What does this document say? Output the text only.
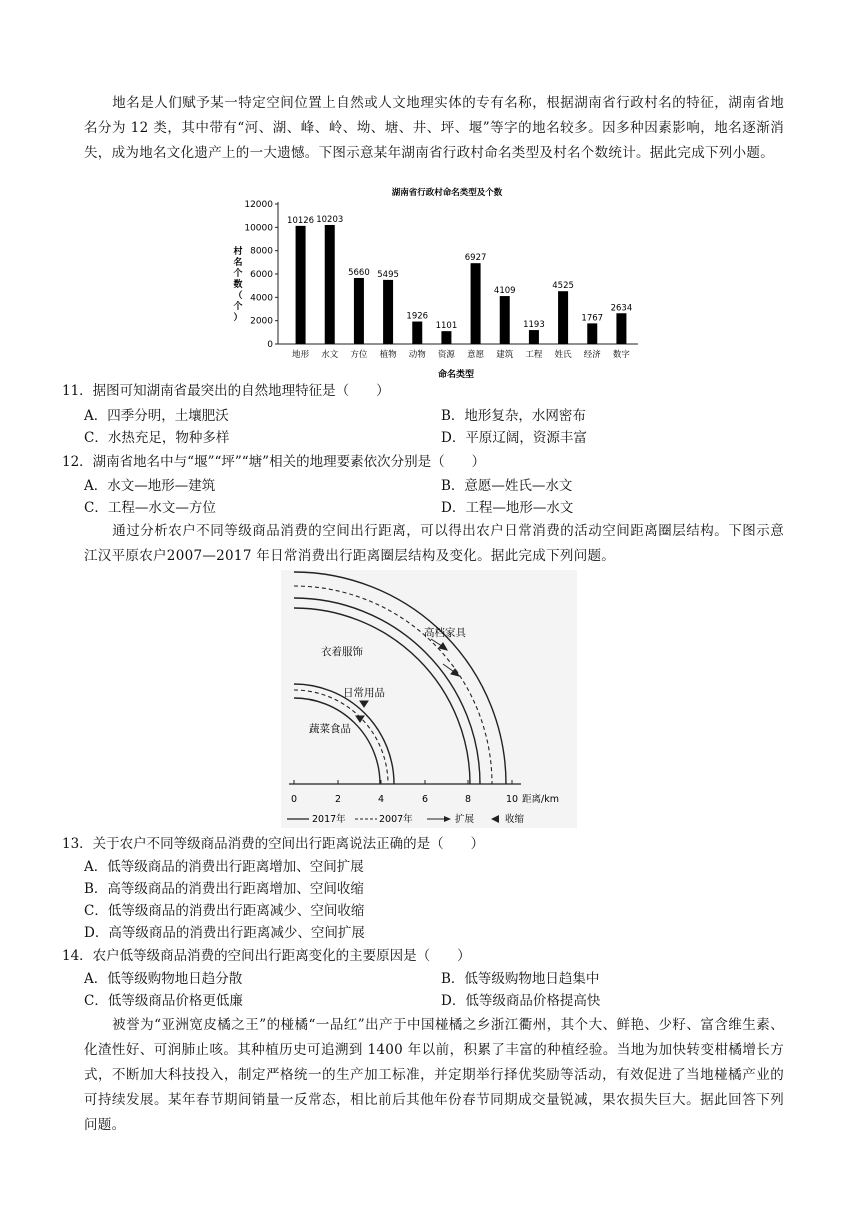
地名是人们赋予某一特定空间位置上自然或人文地理实体的专有名称，根据湖南省行政村名的特征，湖南省地名分为 12 类，其中带有“河、湖、峰、岭、坳、塘、井、坪、堰”等字的地名较多。因多种因素影响，地名逐渐消失，成为地名文化遗产上的一大遗憾。下图示意某年湖南省行政村命名类型及村名个数统计。据此完成下列小题。
湖南省行政村命名类型及个数
0
2000
4000
6000
8000
10000
12000
10126 10203
5660 5495
1926
1101
6927
4109
1193
4525
1767
2634
地形 水文 方位 植物 动物 资源 意愿 建筑 工程 姓氏 经济 数字
村名个数（个）
命名类型
11．据图可知湖南省最突出的自然地理特征是（　　）
A．四季分明，土壤肥沃	B．地形复杂，水网密布
C．水热充足，物种多样	D．平原辽阔，资源丰富
12．湖南省地名中与“堰”“坪”“塘”相关的地理要素依次分别是（　　）
A．水文—地形—建筑	B．意愿—姓氏—水文
C．工程—水文—方位	D．工程—地形—水文
通过分析农户不同等级商品消费的空间出行距离，可以得出农户日常消费的活动空间距离圈层结构。下图示意江汉平原农户2007—2017 年日常消费出行距离圈层结构及变化。据此完成下列问题。
高档家具
衣着服饰
日常用品
蔬菜食品
0	2	4	6	8	10 距离/km
2017年	2007年	扩展	收缩
13．关于农户不同等级商品消费的空间出行距离说法正确的是（　　）
A．低等级商品的消费出行距离增加、空间扩展
B．高等级商品的消费出行距离增加、空间收缩
C．低等级商品的消费出行距离减少、空间收缩
D．高等级商品的消费出行距离减少、空间扩展
14．农户低等级商品消费的空间出行距离变化的主要原因是（　　）
A．低等级购物地日趋分散	B．低等级购物地日趋集中
C．低等级商品价格更低廉	D．低等级商品价格提高快
被誉为“亚洲宽皮橘之王”的椪橘“一品红”出产于中国椪橘之乡浙江衢州，其个大、鲜艳、少籽、富含维生素、化渣性好、可润肺止咳。其种植历史可追溯到 1400 年以前，积累了丰富的种植经验。当地为加快转变柑橘增长方式，不断加大科技投入，制定严格统一的生产加工标准，并定期举行择优奖励等活动，有效促进了当地椪橘产业的可持续发展。某年春节期间销量一反常态，相比前后其他年份春节同期成交量锐减，果农损失巨大。据此回答下列问题。
